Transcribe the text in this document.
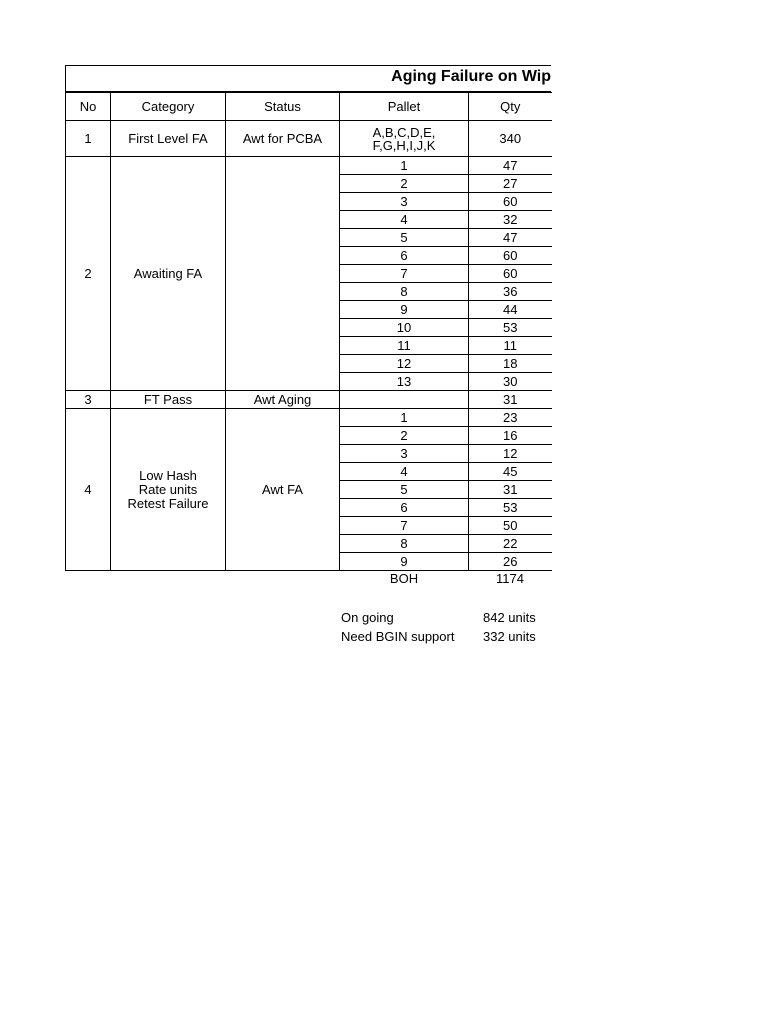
Aging Failure on Wip
No	Category	Status	Pallet	Qty
1	First Level FA	Awt for PCBA	A,B,C,D,E,
F,G,H,I,J,K	340
2	Awaiting FA		1	47
			2	27
			3	60
			4	32
			5	47
			6	60
			7	60
			8	36
			9	44
			10	53
			11	11
			12	18
			13	30
3	FT Pass	Awt Aging		31
4	Low Hash
Rate units
Retest Failure	Awt FA	1	23
			2	16
			3	12
			4	45
			5	31
			6	53
			7	50
			8	22
			9	26
			BOH	1174
On going	842 units
Need BGIN support 332 units
